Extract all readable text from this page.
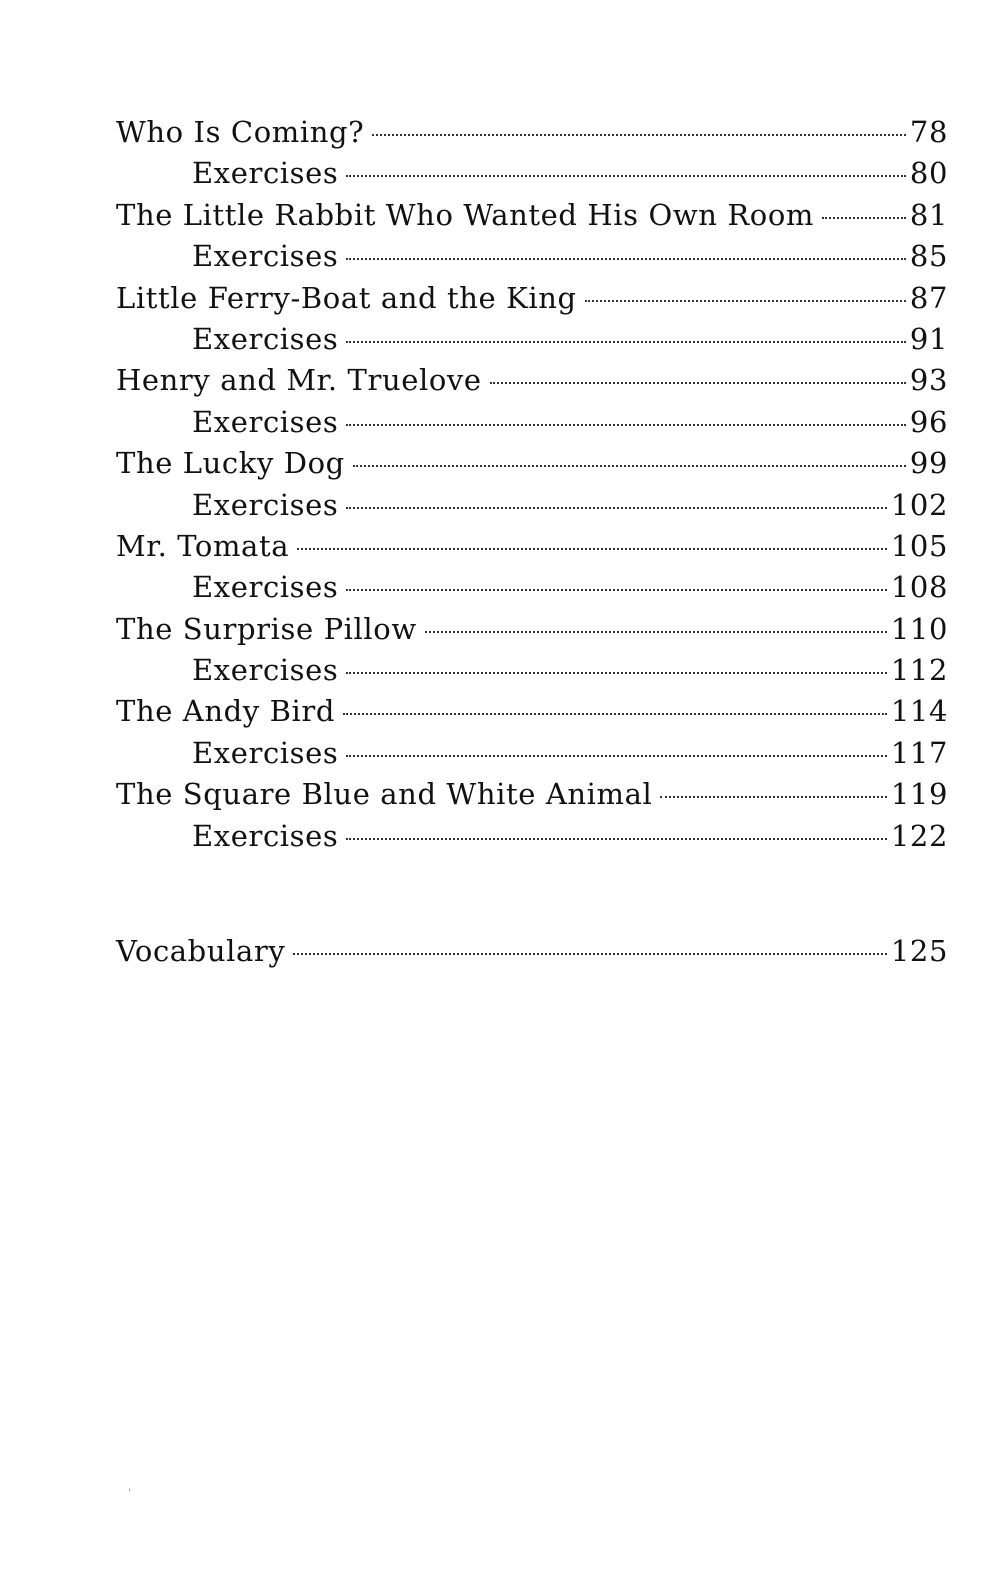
Who Is Coming?	78
Exercises	80
The Little Rabbit Who Wanted His Own Room	81
Exercises	85
Little Ferry-Boat and the King	87
Exercises	91
Henry and Mr. Truelove	93
Exercises	96
The Lucky Dog	99
Exercises	102
Mr. Tomata	105
Exercises	108
The Surprise Pillow	110
Exercises	112
The Andy Bird	114
Exercises	117
The Square Blue and White Animal	119
Exercises	122
Vocabulary	125
'
